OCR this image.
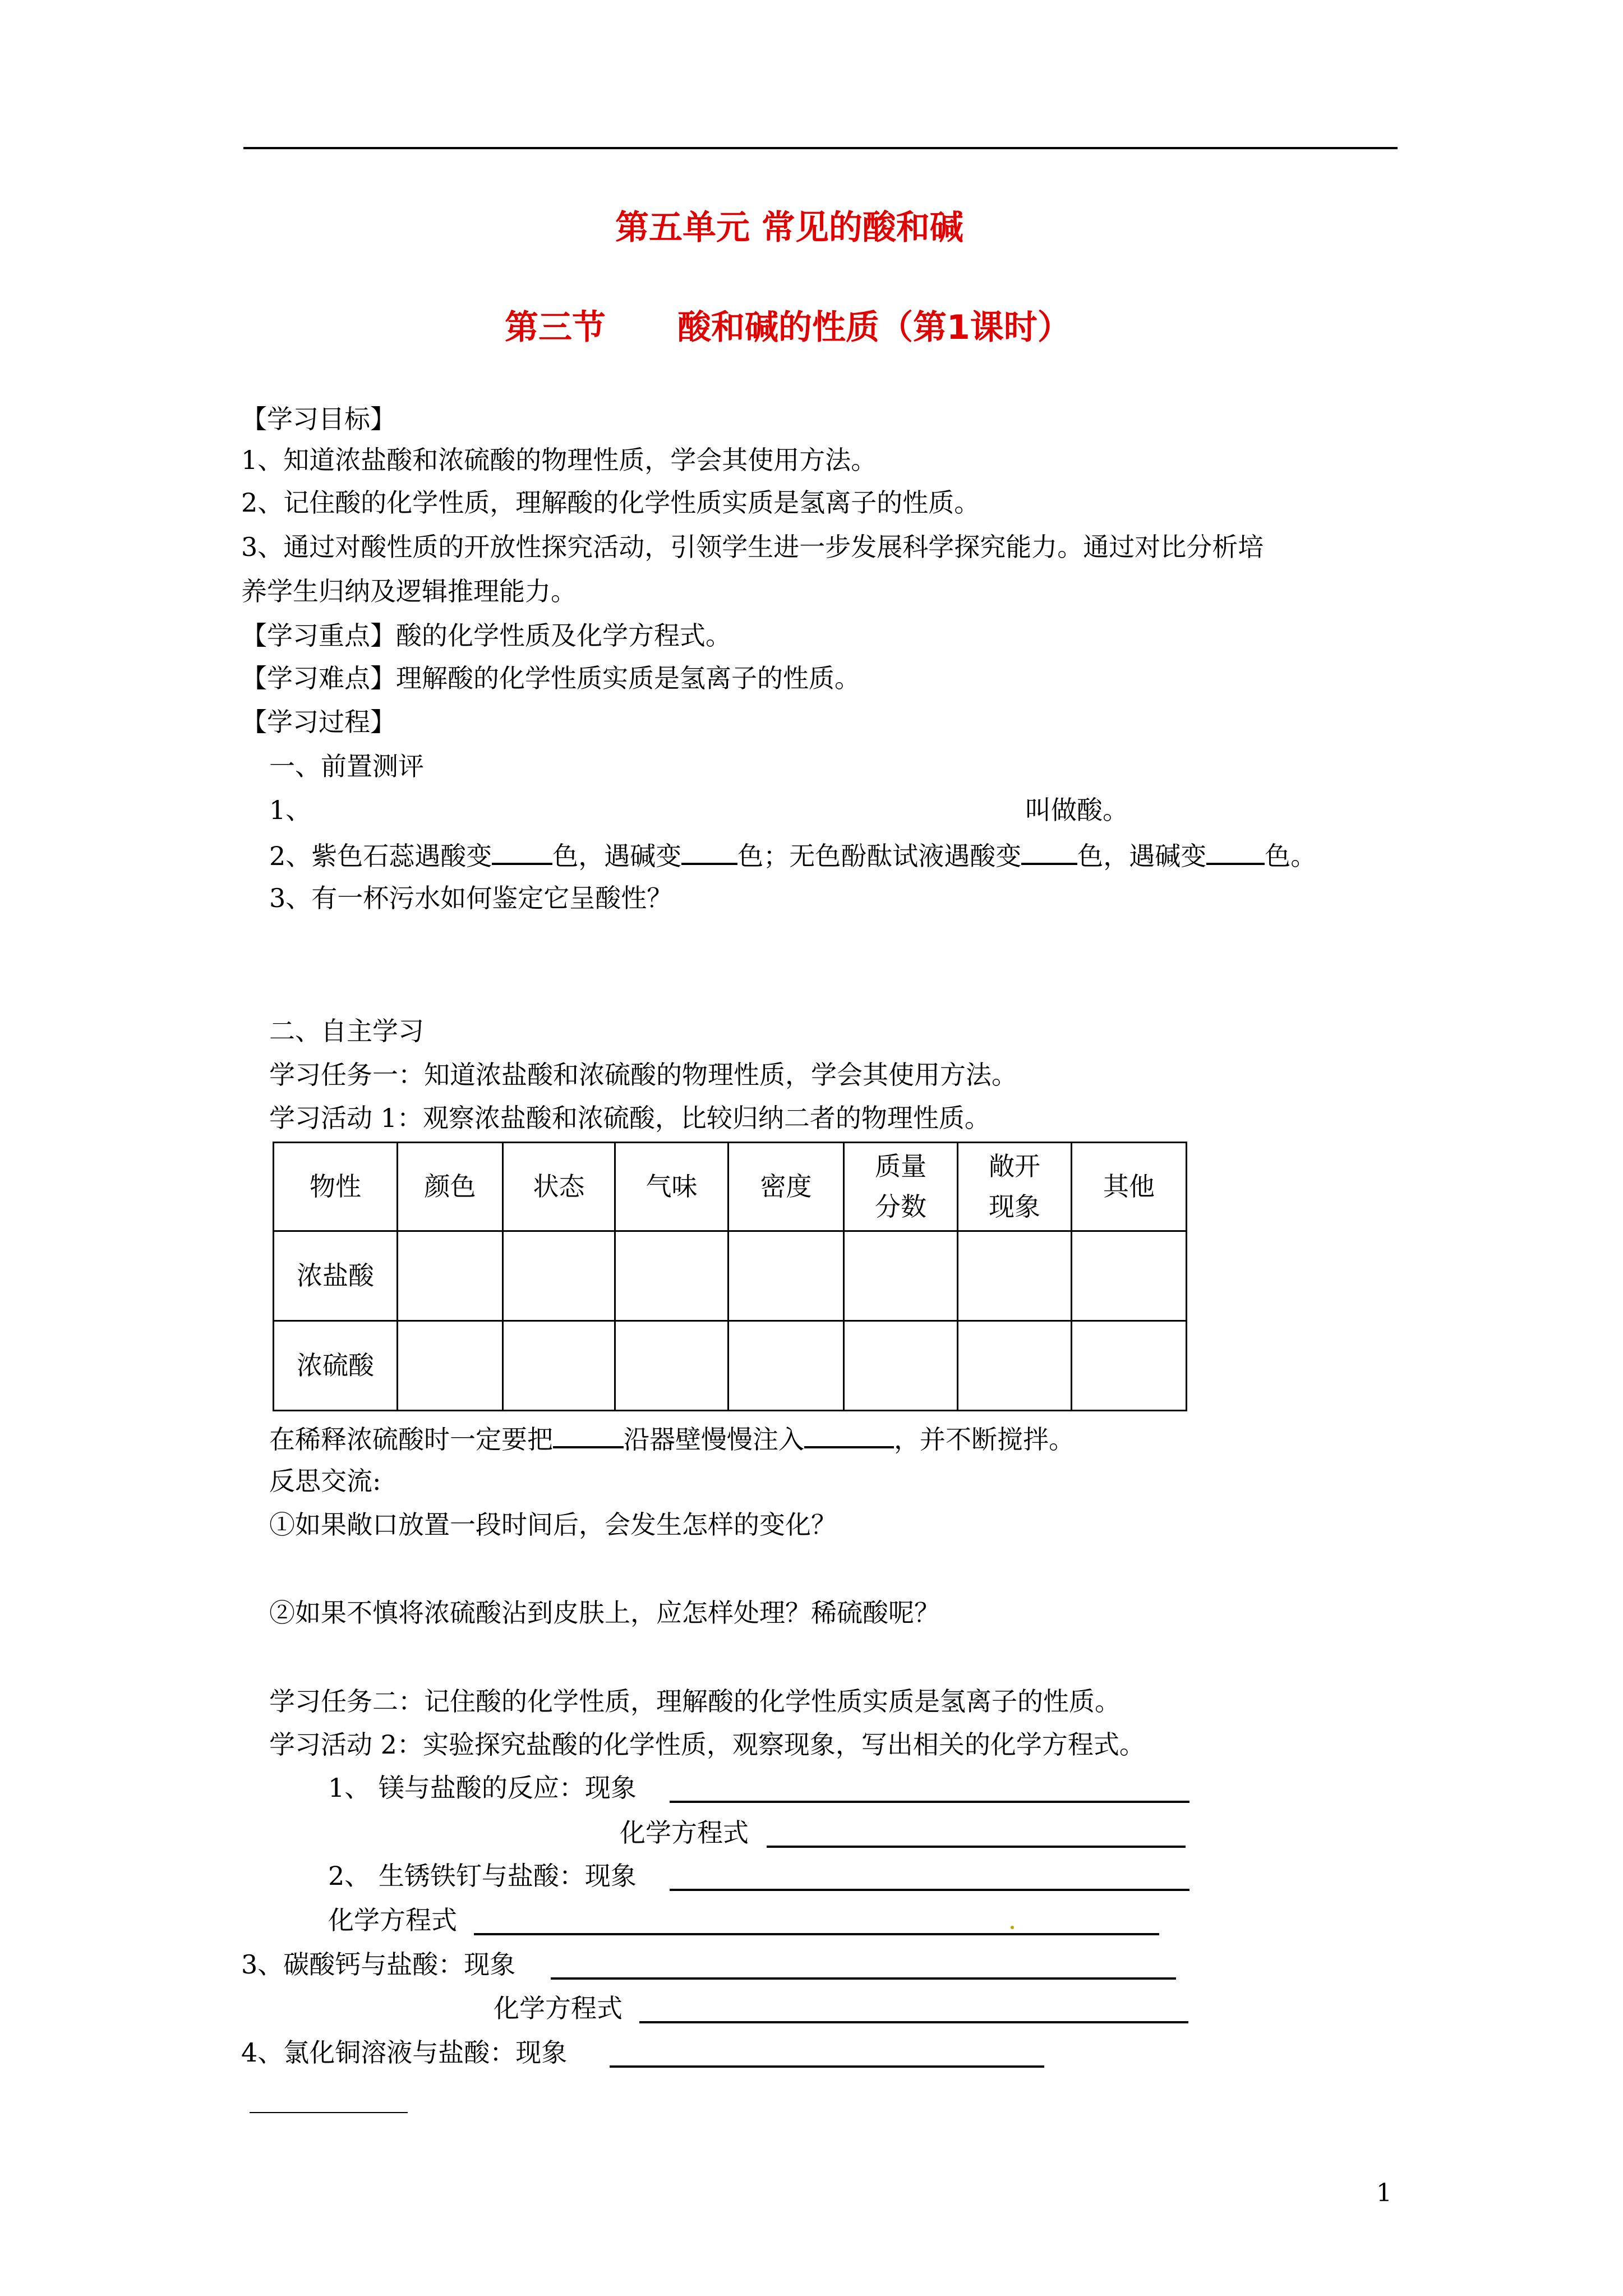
第五单元 常见的酸和碱
第三节 酸和碱的性质（第1课时）
【学习目标】
1、知道浓盐酸和浓硫酸的物理性质，学会其使用方法。
2、记住酸的化学性质，理解酸的化学性质实质是氢离子的性质。
3、通过对酸性质的开放性探究活动，引领学生进一步发展科学探究能力。通过对比分析培
养学生归纳及逻辑推理能力。
【学习重点】酸的化学性质及化学方程式。
【学习难点】理解酸的化学性质实质是氢离子的性质。
【学习过程】
一、前置测评
1、	叫做酸。
2、紫色石蕊遇酸变 色，遇碱变 色；无色酚酞试液遇酸变 色，遇碱变 色。
3、有一杯污水如何鉴定它呈酸性？
二、自主学习
学习任务一：知道浓盐酸和浓硫酸的物理性质，学会其使用方法。
学习活动 1：观察浓盐酸和浓硫酸，比较归纳二者的物理性质。
物性	颜色	状态	气味	密度	质量分数	敞开现象	其他
浓盐酸							
浓硫酸							
在稀释浓硫酸时一定要把	沿器壁慢慢注入	，并不断搅拌。
反思交流:
①如果敞口放置一段时间后，会发生怎样的变化？
②如果不慎将浓硫酸沾到皮肤上，应怎样处理？稀硫酸呢？
学习任务二：记住酸的化学性质，理解酸的化学性质实质是氢离子的性质。
学习活动 2：实验探究盐酸的化学性质，观察现象，写出相关的化学方程式。
1、 镁与盐酸的反应：现象
化学方程式
2、 生锈铁钉与盐酸：现象
化学方程式
3、碳酸钙与盐酸：现象
化学方程式
4、氯化铜溶液与盐酸：现象
1
